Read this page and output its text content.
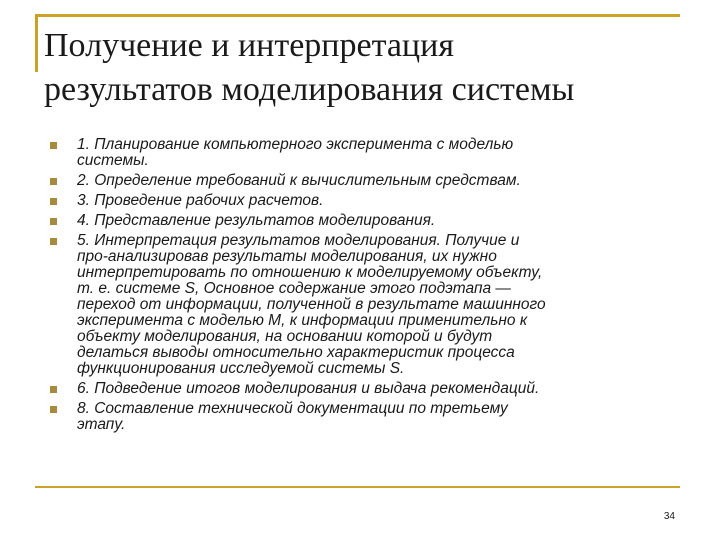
Получение и интерпретация
результатов моделирования системы
1. Планирование компьютерного эксперимента с моделью
системы.
2. Определение требований к вычислительным средствам.
3. Проведение рабочих расчетов.
4. Представление результатов моделирования.
5. Интерпретация результатов моделирования. Получие и
про-анализировав результаты моделирования, их нужно
интерпретировать по отношению к моделируемому объекту,
т. е. системе S, Основное содержание этого подэтапа —
переход от информации, полученной в результате машинного
эксперимента с моделью М, к информации применительно к
объекту моделирования, на основании которой и будут
делаться выводы относительно характеристик процесса
функционирования исследуемой системы S.
6. Подведение итогов моделирования и выдача рекомендаций.
8. Составление технической документации по третьему
этапу.
34
